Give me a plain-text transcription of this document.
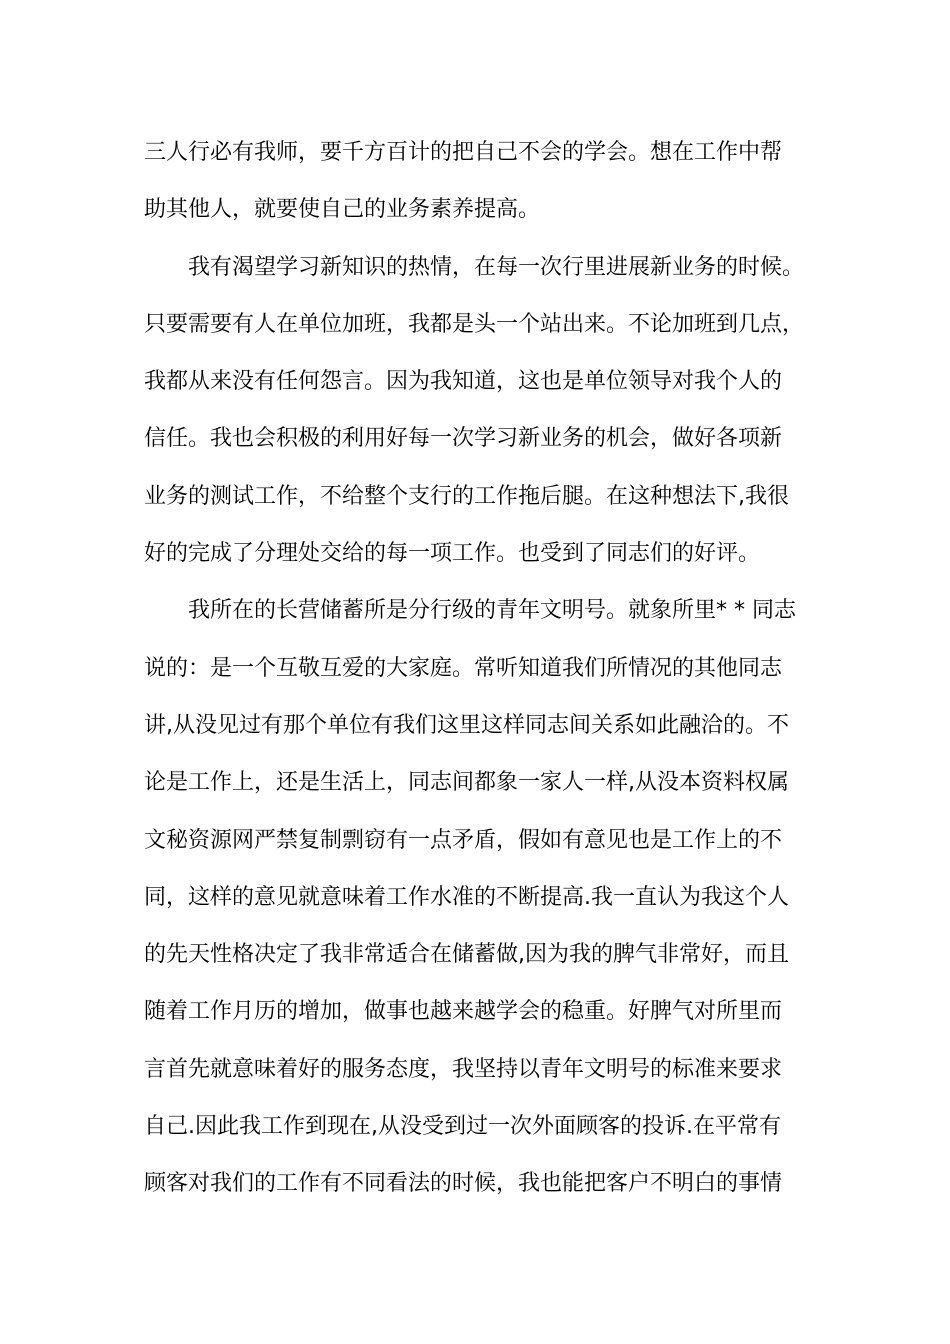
三人行必有我师，要千方百计的把自己不会的学会。想在工作中帮
助其他人，就要使自己的业务素养提高。
　　我有渴望学习新知识的热情，在每一次行里进展新业务的时候。
只要需要有人在单位加班，我都是头一个站出来。不论加班到几点，
我都从来没有任何怨言。因为我知道，这也是单位领导对我个人的
信任。我也会积极的利用好每一次学习新业务的机会，做好各项新
业务的测试工作，不给整个支行的工作拖后腿。在这种想法下,我很
好的完成了分理处交给的每一项工作。也受到了同志们的好评。
　　我所在的长营储蓄所是分行级的青年文明号。就象所里* * 同志
说的：是一个互敬互爱的大家庭。常听知道我们所情况的其他同志
讲,从没见过有那个单位有我们这里这样同志间关系如此融洽的。不
论是工作上，还是生活上，同志间都象一家人一样,从没本资料权属
文秘资源网严禁复制剽窃有一点矛盾，假如有意见也是工作上的不
同，这样的意见就意味着工作水准的不断提高.我一直认为我这个人
的先天性格决定了我非常适合在储蓄做,因为我的脾气非常好，而且
随着工作月历的增加，做事也越来越学会的稳重。好脾气对所里而
言首先就意味着好的服务态度，我坚持以青年文明号的标准来要求
自己.因此我工作到现在,从没受到过一次外面顾客的投诉.在平常有
顾客对我们的工作有不同看法的时候，我也能把客户不明白的事情
